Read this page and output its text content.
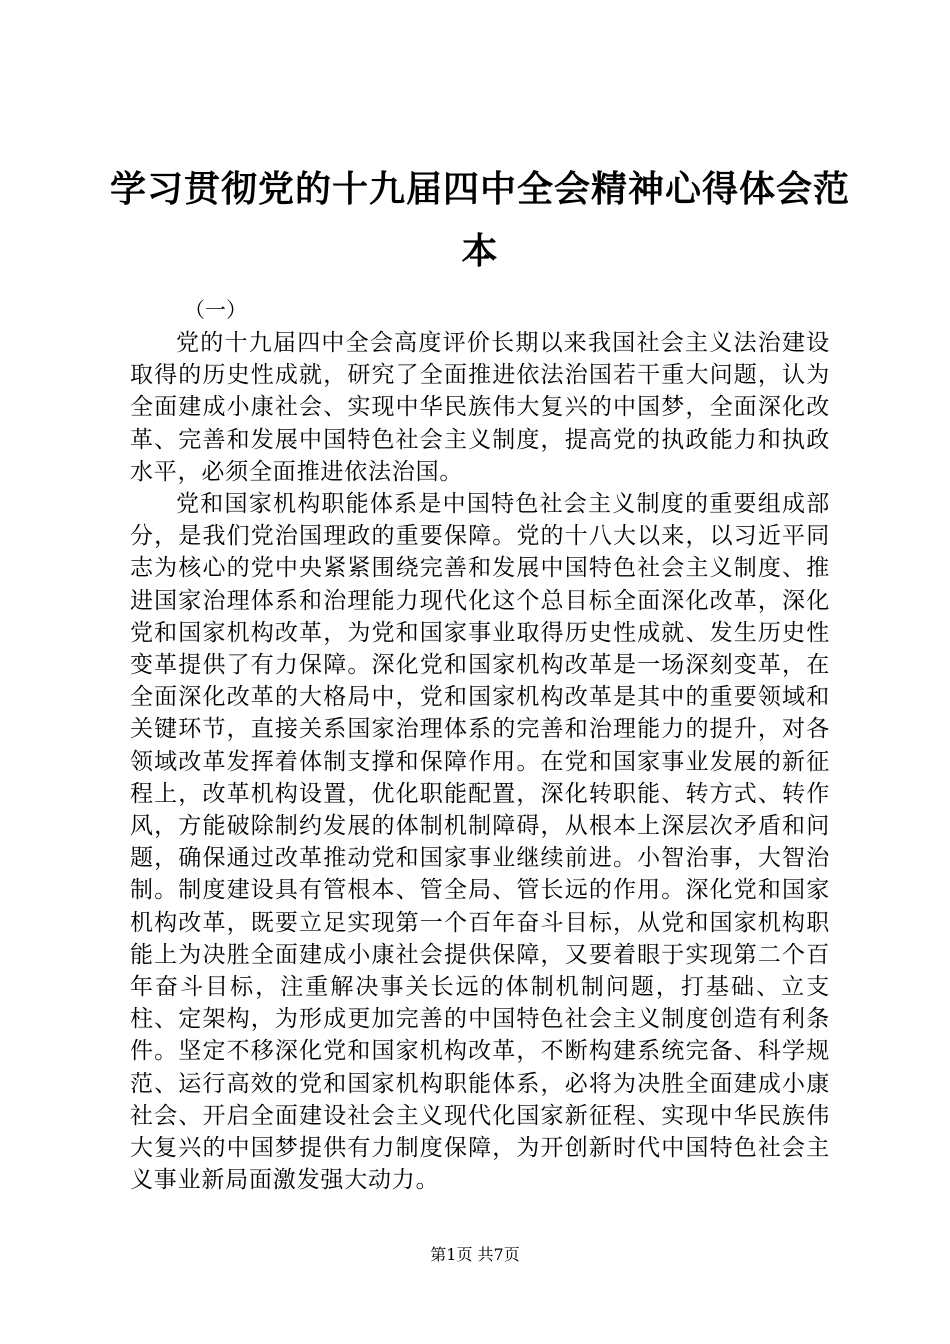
学习贯彻党的十九届四中全会精神心得体会范本

（一）

党的十九届四中全会高度评价长期以来我国社会主义法治建设取得的历史性成就，研究了全面推进依法治国若干重大问题，认为全面建成小康社会、实现中华民族伟大复兴的中国梦，全面深化改革、完善和发展中国特色社会主义制度，提高党的执政能力和执政水平，必须全面推进依法治国。

党和国家机构职能体系是中国特色社会主义制度的重要组成部分，是我们党治国理政的重要保障。党的十八大以来，以习近平同志为核心的党中央紧紧围绕完善和发展中国特色社会主义制度、推进国家治理体系和治理能力现代化这个总目标全面深化改革，深化党和国家机构改革，为党和国家事业取得历史性成就、发生历史性变革提供了有力保障。深化党和国家机构改革是一场深刻变革，在全面深化改革的大格局中，党和国家机构改革是其中的重要领域和关键环节，直接关系国家治理体系的完善和治理能力的提升，对各领域改革发挥着体制支撑和保障作用。在党和国家事业发展的新征程上，改革机构设置，优化职能配置，深化转职能、转方式、转作风，方能破除制约发展的体制机制障碍，从根本上深层次矛盾和问题，确保通过改革推动党和国家事业继续前进。小智治事，大智治制。制度建设具有管根本、管全局、管长远的作用。深化党和国家机构改革，既要立足实现第一个百年奋斗目标，从党和国家机构职能上为决胜全面建成小康社会提供保障，又要着眼于实现第二个百年奋斗目标，注重解决事关长远的体制机制问题，打基础、立支柱、定架构，为形成更加完善的中国特色社会主义制度创造有利条件。坚定不移深化党和国家机构改革，不断构建系统完备、科学规范、运行高效的党和国家机构职能体系，必将为决胜全面建成小康社会、开启全面建设社会主义现代化国家新征程、实现中华民族伟大复兴的中国梦提供有力制度保障，为开创新时代中国特色社会主义事业新局面激发强大动力。

第1页 共7页
